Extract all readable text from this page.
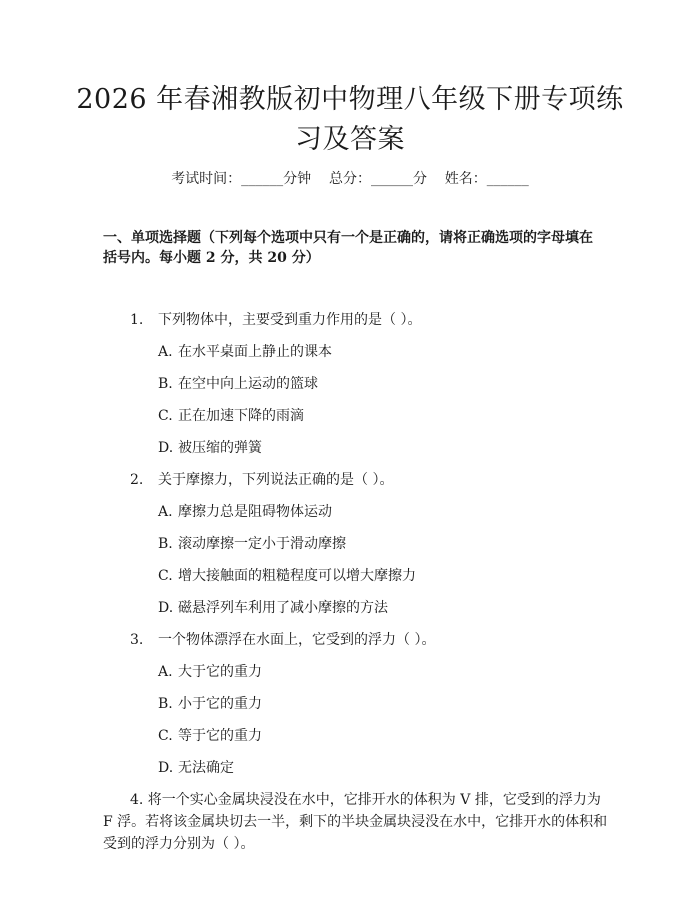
2026 年春湘教版初中物理八年级下册专项练
习及答案
考试时间：______分钟    总分：______分    姓名：______
一、单项选择题（下列每个选项中只有一个是正确的，请将正确选项的字母填在
括号内。每小题 2 分，共 20 分）
1. 下列物体中，主要受到重力作用的是（ ）。
A. 在水平桌面上静止的课本
B. 在空中向上运动的篮球
C. 正在加速下降的雨滴
D. 被压缩的弹簧
2. 关于摩擦力，下列说法正确的是（ ）。
A. 摩擦力总是阻碍物体运动
B. 滚动摩擦一定小于滑动摩擦
C. 增大接触面的粗糙程度可以增大摩擦力
D. 磁悬浮列车利用了减小摩擦的方法
3. 一个物体漂浮在水面上，它受到的浮力（ ）。
A. 大于它的重力
B. 小于它的重力
C. 等于它的重力
D. 无法确定
4. 将一个实心金属块浸没在水中，它排开水的体积为 V 排，它受到的浮力为
F 浮。若将该金属块切去一半，剩下的半块金属块浸没在水中，它排开水的体积和
受到的浮力分别为（ ）。
